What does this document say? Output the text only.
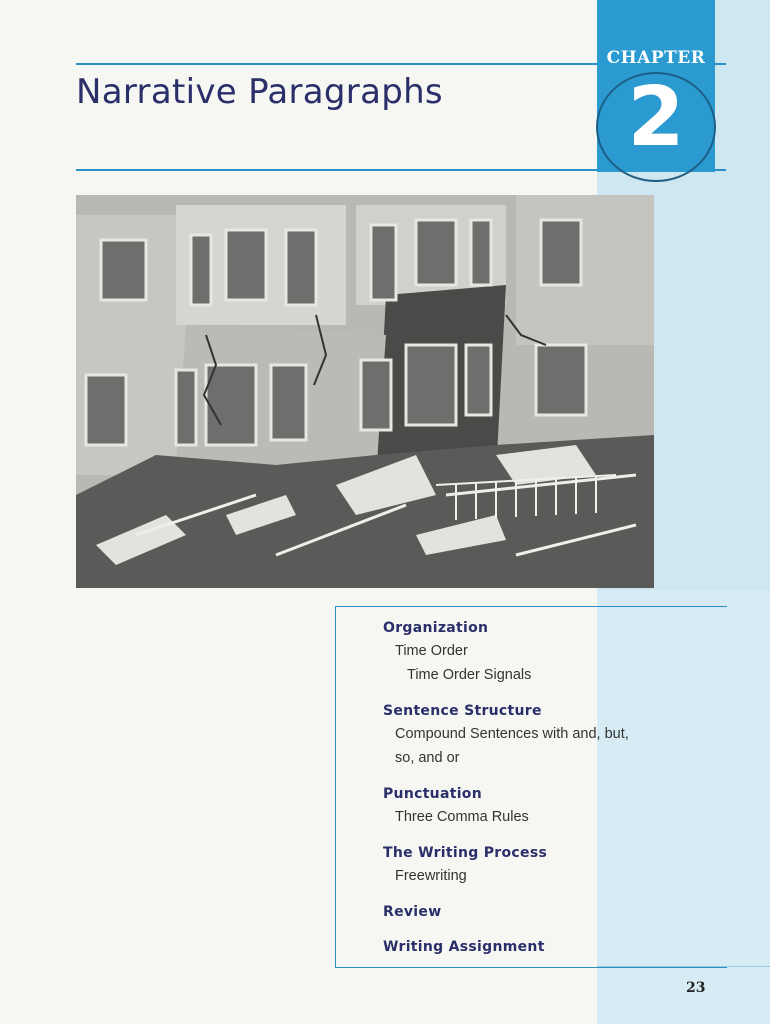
CHAPTER
2
Narrative Paragraphs
Organization
Time Order
Time Order Signals
Sentence Structure
Compound Sentences with and, but,
so, and or
Punctuation
Three Comma Rules
The Writing Process
Freewriting
Review
Writing Assignment
23
